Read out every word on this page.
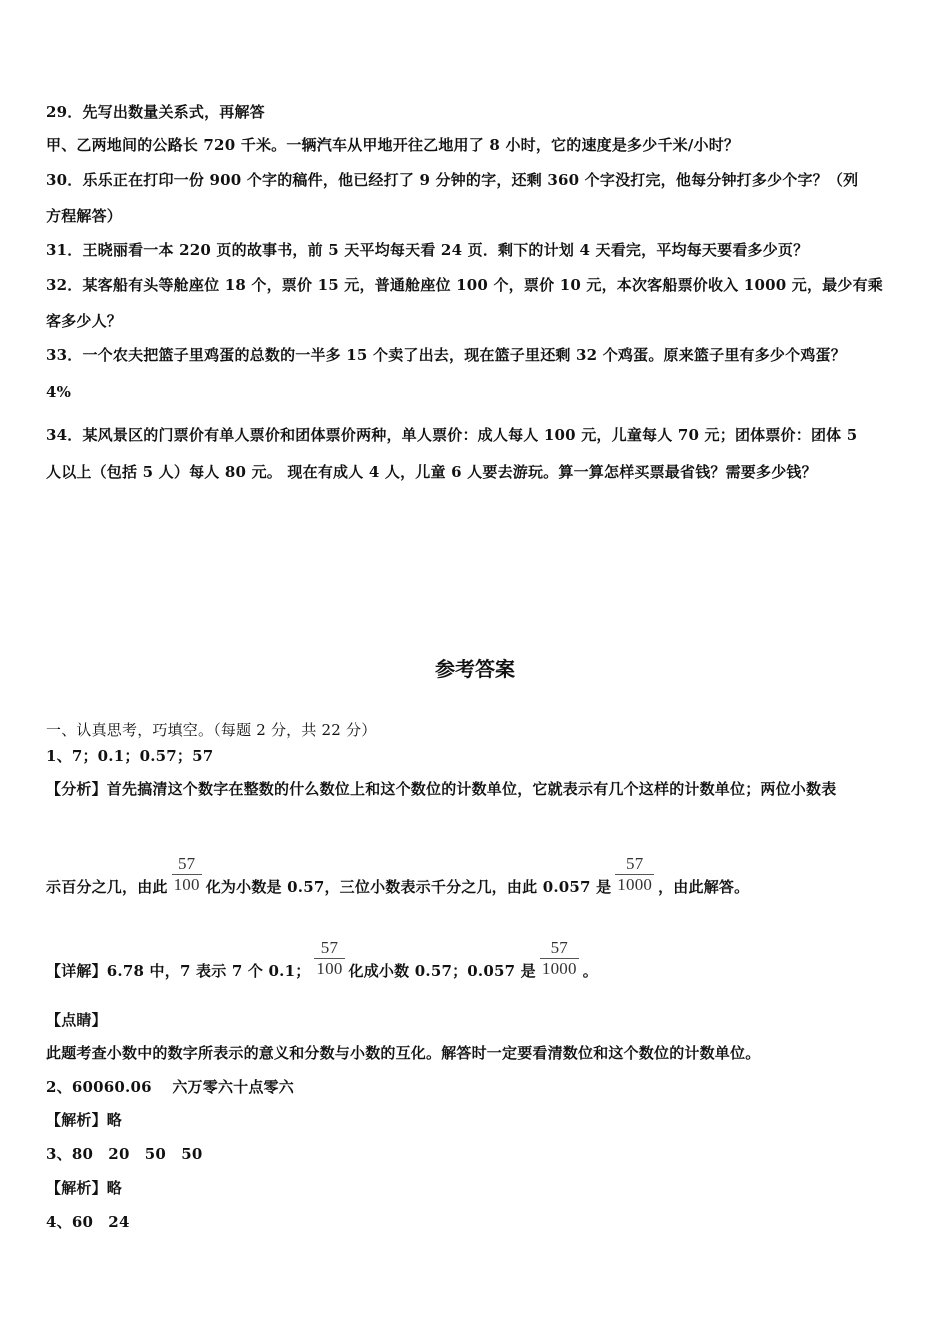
29．先写出数量关系式，再解答
甲、乙两地间的公路长 720 千米。一辆汽车从甲地开往乙地用了 8 小时，它的速度是多少千米/小时？
30．乐乐正在打印一份 900 个字的稿件，他已经打了 9 分钟的字，还剩 360 个字没打完，他每分钟打多少个字？（列
方程解答）
31．王晓丽看一本 220 页的故事书，前 5 天平均每天看 24 页．剩下的计划 4 天看完，平均每天要看多少页？
32．某客船有头等舱座位 18 个，票价 15 元，普通舱座位 100 个，票价 10 元，本次客船票价收入 1000 元，最少有乘
客多少人？
33．一个农夫把篮子里鸡蛋的总数的一半多 15 个卖了出去，现在篮子里还剩 32 个鸡蛋。原来篮子里有多少个鸡蛋？
4%
34．某风景区的门票价有单人票价和团体票价两种，单人票价：成人每人 100 元，儿童每人 70 元；团体票价：团体 5
人以上（包括 5 人）每人 80 元。 现在有成人 4 人，儿童 6 人要去游玩。算一算怎样买票最省钱？需要多少钱？
参考答案
一、认真思考，巧填空。（每题 2 分，共 22 分）
1、7；0.1；0.57；57
【分析】首先搞清这个数字在整数的什么数位上和这个数位的计数单位，它就表示有几个这样的计数单位；两位小数表
示百分之几，由此 $\frac{57}{100}$ 化为小数是 0.57，三位小数表示千分之几，由此 0.057 是 $\frac{57}{1000}$ ，由此解答。
【详解】6.78 中，7 表示 7 个 0.1； $\frac{57}{100}$ 化成小数 0.57；0.057 是 $\frac{57}{1000}$ 。
【点睛】
此题考查小数中的数字所表示的意义和分数与小数的互化。解答时一定要看清数位和这个数位的计数单位。
2、60060.06　 六万零六十点零六
【解析】略
3、80　20　50　50
【解析】略
4、60　24
